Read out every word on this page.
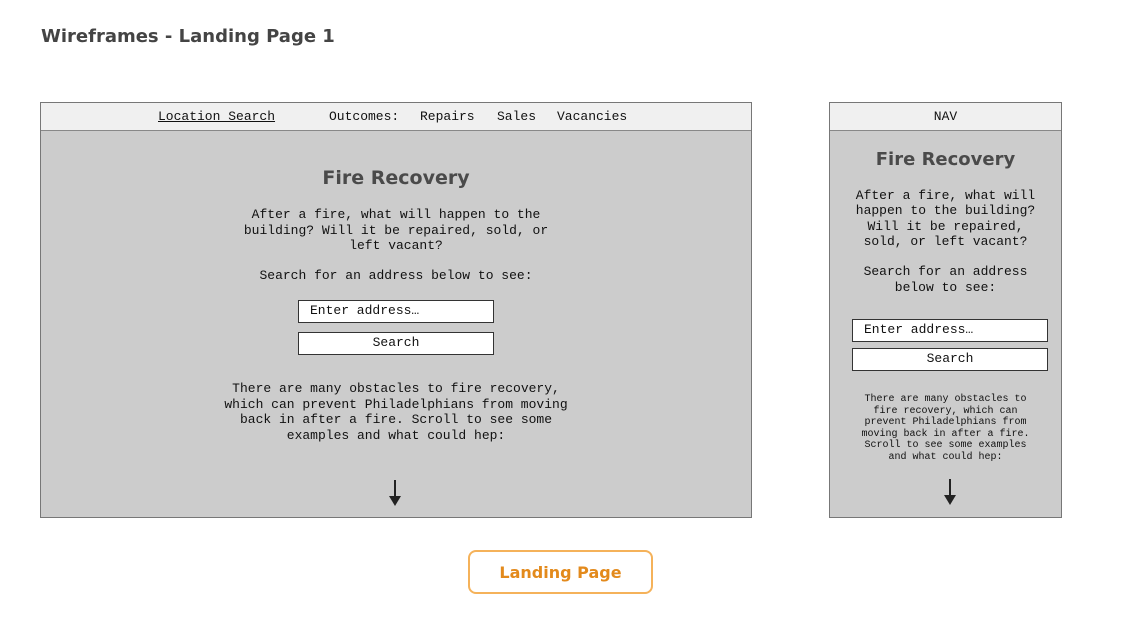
Wireframes - Landing Page 1
Location Search	Outcomes: Repairs Sales Vacancies
Fire Recovery
After a fire, what will happen to the
building? Will it be repaired, sold, or
left vacant?
Search for an address below to see:
Enter address…
Search
There are many obstacles to fire recovery,
which can prevent Philadelphians from moving
back in after a fire. Scroll to see some
examples and what could hep:
NAV
Fire Recovery
After a fire, what will
happen to the building?
Will it be repaired,
sold, or left vacant?
Search for an address
below to see:
Enter address…
Search
There are many obstacles to
fire recovery, which can
prevent Philadelphians from
moving back in after a fire.
Scroll to see some examples
and what could hep:
Landing Page
